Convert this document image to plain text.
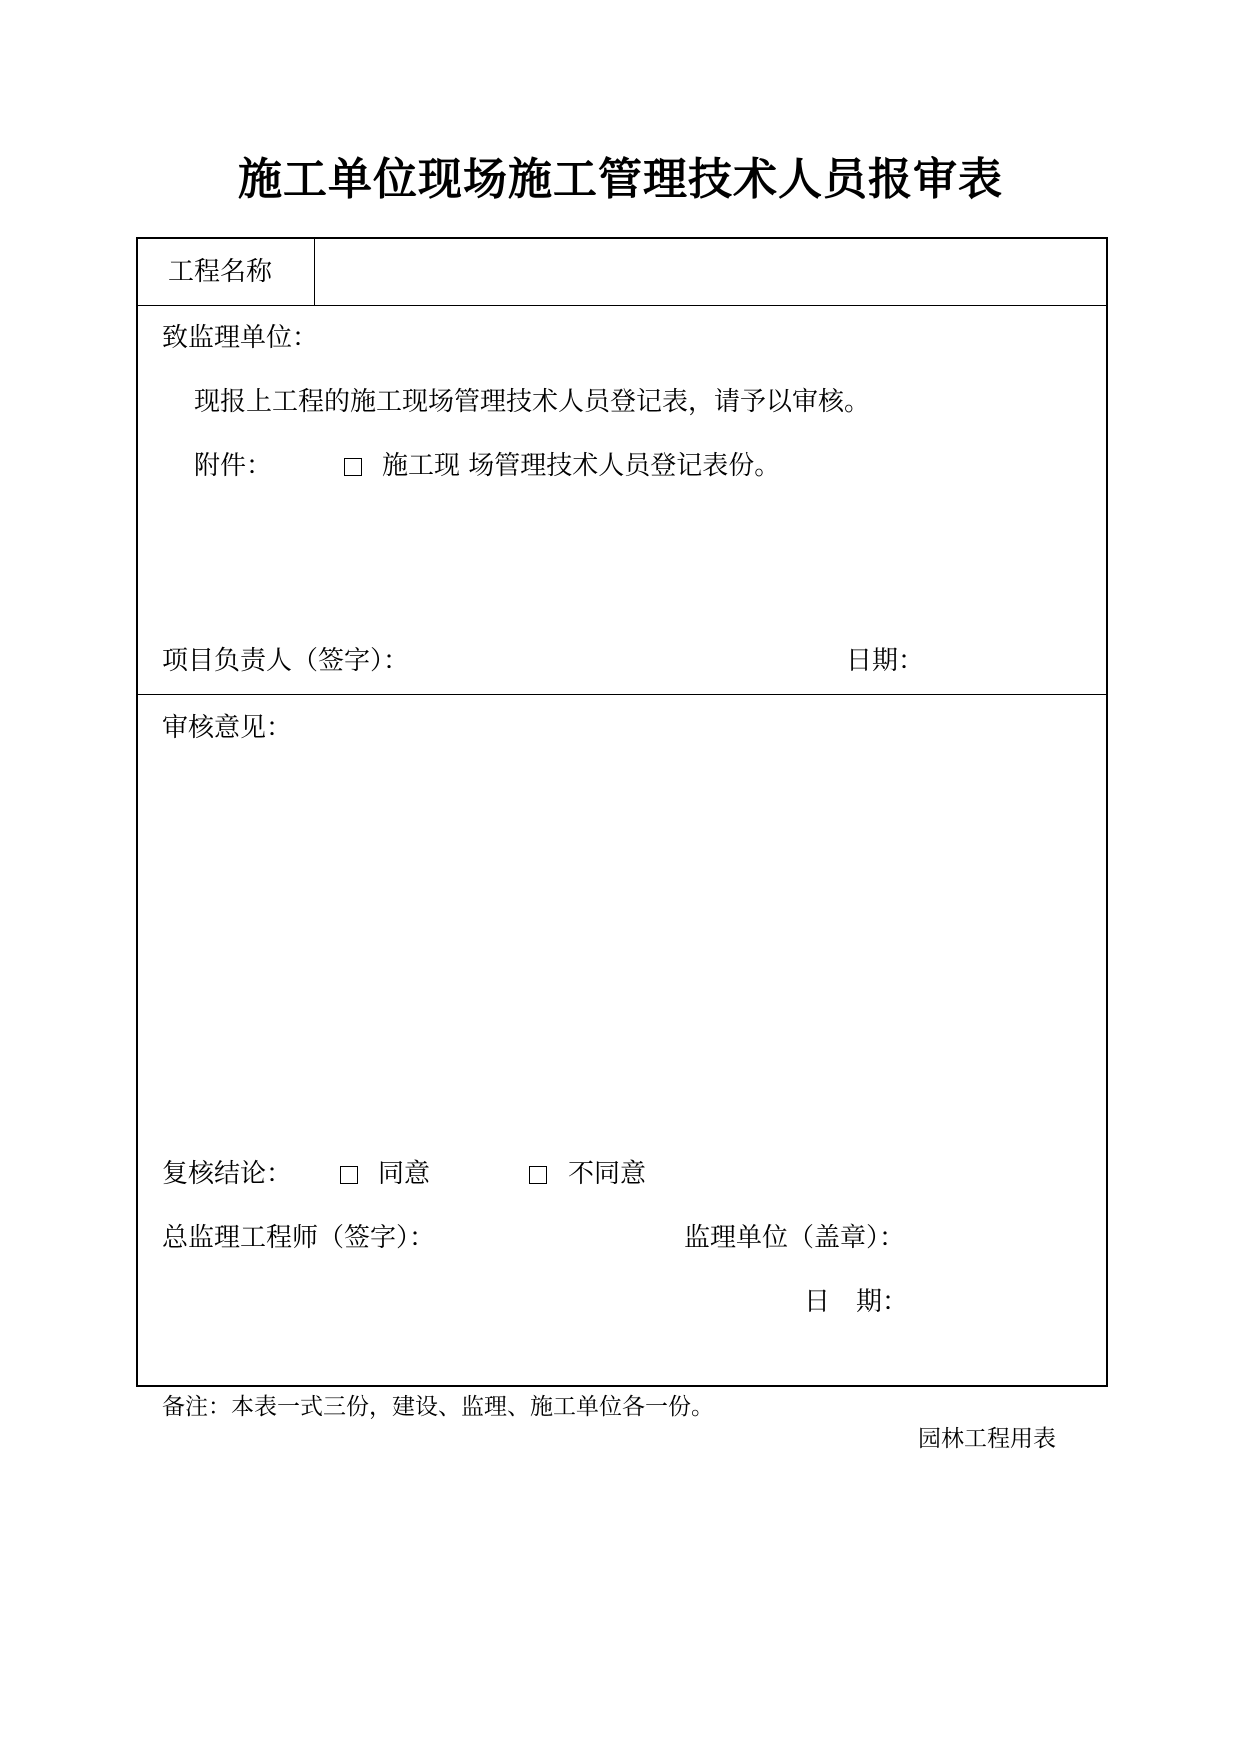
施工单位现场施工管理技术人员报审表
工程名称
致监理单位：
现报上工程的施工现场管理技术人员登记表，请予以审核。
附件：	施工现 场管理技术人员登记表份。
项目负责人（签字）：	日期：
审核意见：
复核结论：	同意	不同意
总监理工程师（签字）：	监理单位（盖章）：
日　期：
备注：本表一式三份，建设、监理、施工单位各一份。
园林工程用表
